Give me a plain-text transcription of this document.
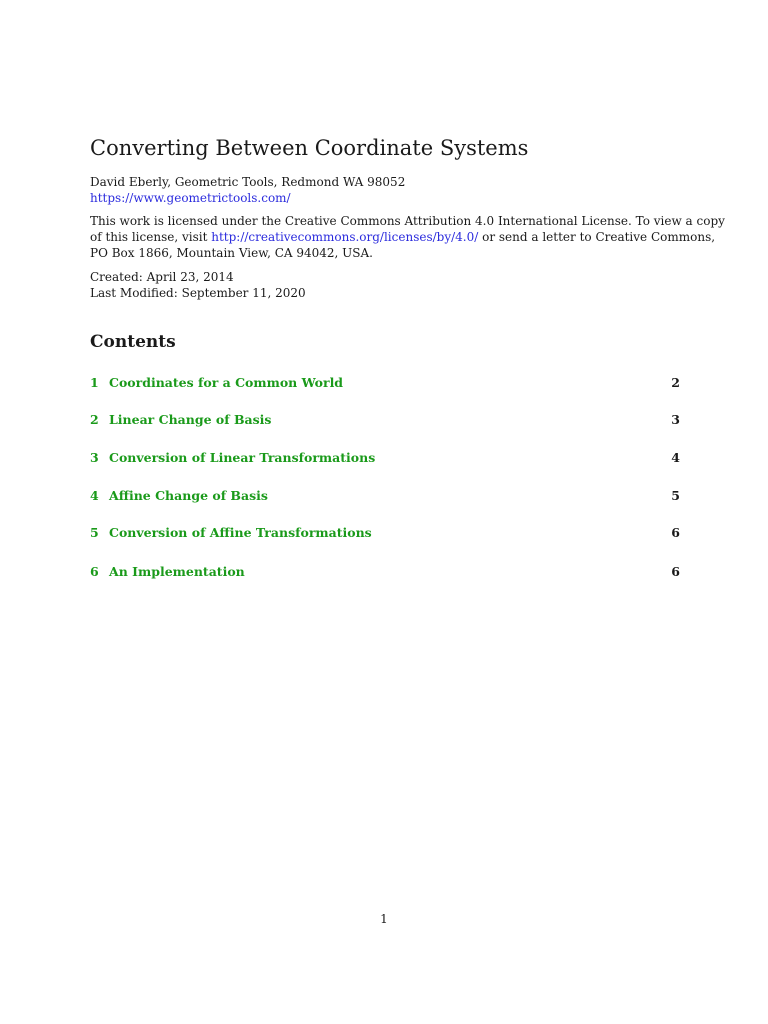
Converting Between Coordinate Systems
David Eberly, Geometric Tools, Redmond WA 98052
https://www.geometrictools.com/
This work is licensed under the Creative Commons Attribution 4.0 International License. To view a copy
of this license, visit http://creativecommons.org/licenses/by/4.0/ or send a letter to Creative Commons,
PO Box 1866, Mountain View, CA 94042, USA.
Created: April 23, 2014
Last Modified: September 11, 2020
Contents
1 Coordinates for a Common World	2
2 Linear Change of Basis	3
3 Conversion of Linear Transformations	4
4 Affine Change of Basis	5
5 Conversion of Affine Transformations	6
6 An Implementation	6
1
